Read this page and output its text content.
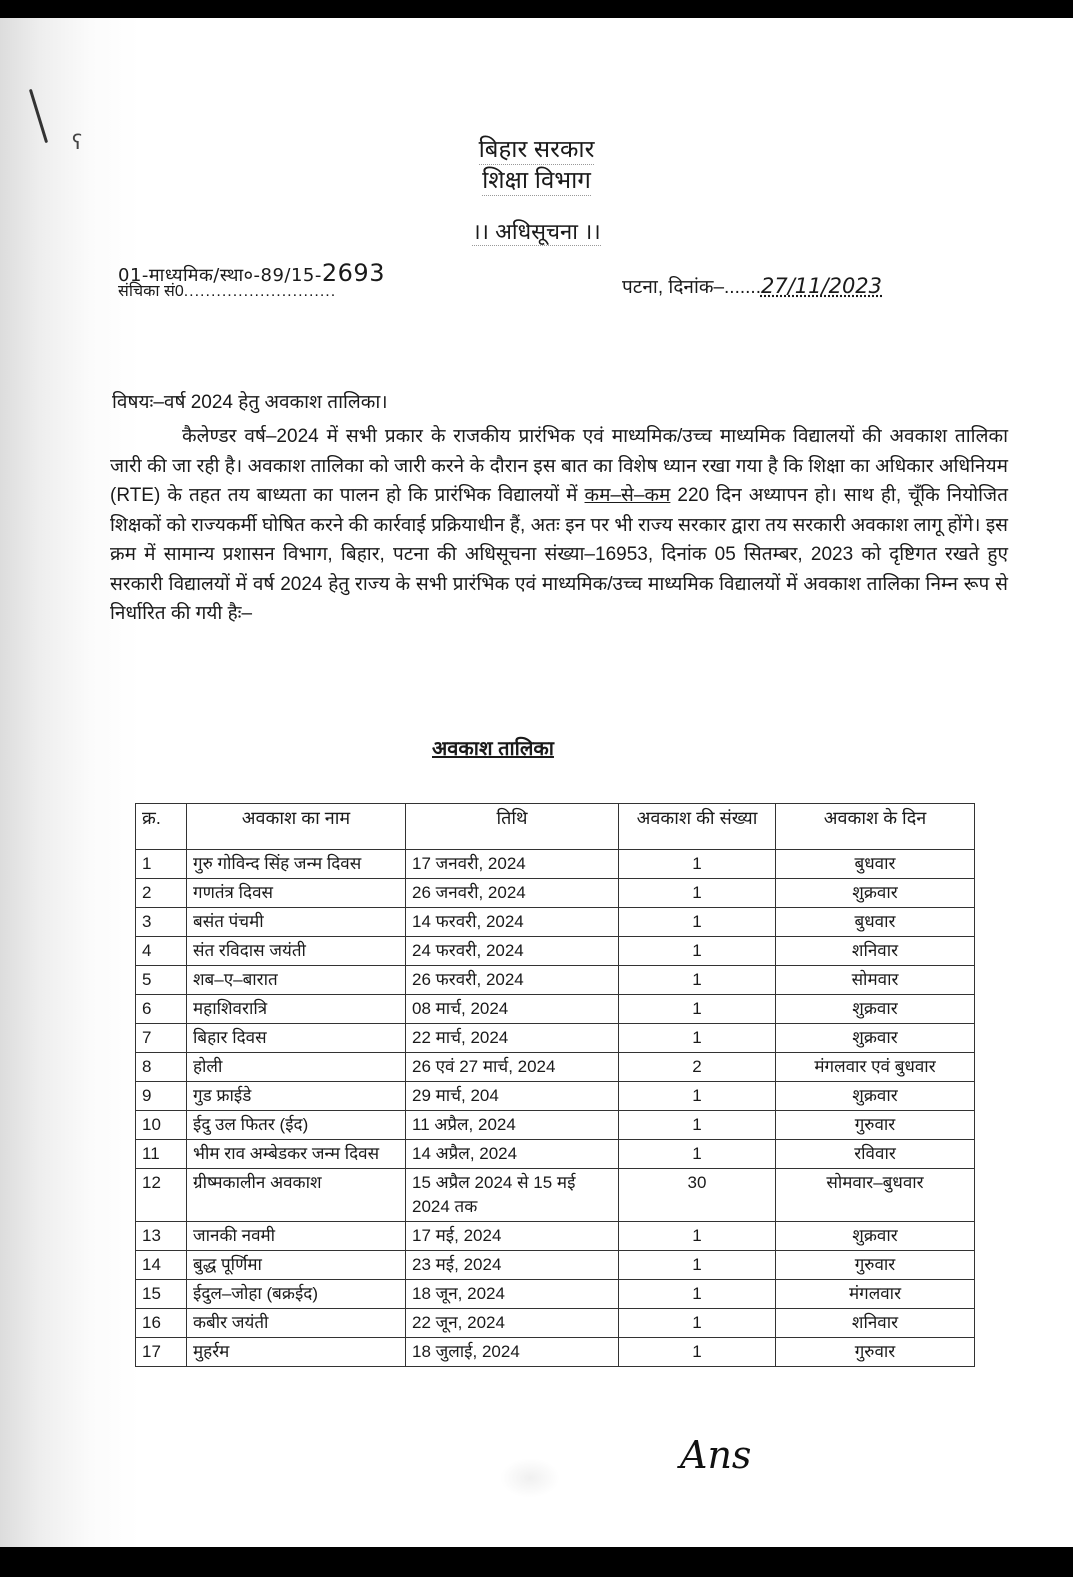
ʕ	बिहार सरकार
शिक्षा विभाग
।। अधिसूचना ।।
01-माध्यमिक/स्था०-89/15-2693
संचिका सं0............................	पटना, दिनांक–.......27/11/2023
विषयः–वर्ष 2024 हेतु अवकाश तालिका।
कैलेण्डर वर्ष–2024 में सभी प्रकार के राजकीय प्रारंभिक एवं माध्यमिक/उच्च माध्यमिक विद्यालयों की अवकाश तालिका जारी की जा रही है। अवकाश तालिका को जारी करने के दौरान इस बात का विशेष ध्यान रखा गया है कि शिक्षा का अधिकार अधिनियम (RTE) के तहत तय बाध्यता का पालन हो कि प्रारंभिक विद्यालयों में कम–से–कम 220 दिन अध्यापन हो। साथ ही, चूँकि नियोजित शिक्षकों को राज्यकर्मी घोषित करने की कार्रवाई प्रक्रियाधीन हैं, अतः इन पर भी राज्य सरकार द्वारा तय सरकारी अवकाश लागू होंगे। इस क्रम में सामान्य प्रशासन विभाग, बिहार, पटना की अधिसूचना संख्या–16953, दिनांक 05 सितम्बर, 2023 को दृष्टिगत रखते हुए सरकारी विद्यालयों में वर्ष 2024 हेतु राज्य के सभी प्रारंभिक एवं माध्यमिक/उच्च माध्यमिक विद्यालयों में अवकाश तालिका निम्न रूप से निर्धारित की गयी हैः–
अवकाश तालिका
क्र.	अवकाश का नाम	तिथि	अवकाश की संख्या	अवकाश के दिन
1	गुरु गोविन्द सिंह जन्म दिवस	17 जनवरी, 2024	1	बुधवार
2	गणतंत्र दिवस	26 जनवरी, 2024	1	शुक्रवार
3	बसंत पंचमी	14 फरवरी, 2024	1	बुधवार
4	संत रविदास जयंती	24 फरवरी, 2024	1	शनिवार
5	शब–ए–बारात	26 फरवरी, 2024	1	सोमवार
6	महाशिवरात्रि	08 मार्च, 2024	1	शुक्रवार
7	बिहार दिवस	22 मार्च, 2024	1	शुक्रवार
8	होली	26 एवं 27 मार्च, 2024	2	मंगलवार एवं बुधवार
9	गुड फ्राईडे	29 मार्च, 204	1	शुक्रवार
10	ईदु उल फितर (ईद)	11 अप्रैल, 2024	1	गुरुवार
11	भीम राव अम्बेडकर जन्म दिवस	14 अप्रैल, 2024	1	रविवार
12	ग्रीष्मकालीन अवकाश	15 अप्रैल 2024 से 15 मई 2024 तक	30	सोमवार–बुधवार
13	जानकी नवमी	17 मई, 2024	1	शुक्रवार
14	बुद्ध पूर्णिमा	23 मई, 2024	1	गुरुवार
15	ईदुल–जोहा (बक्रईद)	18 जून, 2024	1	मंगलवार
16	कबीर जयंती	22 जून, 2024	1	शनिवार
17	मुहर्रम	18 जुलाई, 2024	1	गुरुवार
Ans
